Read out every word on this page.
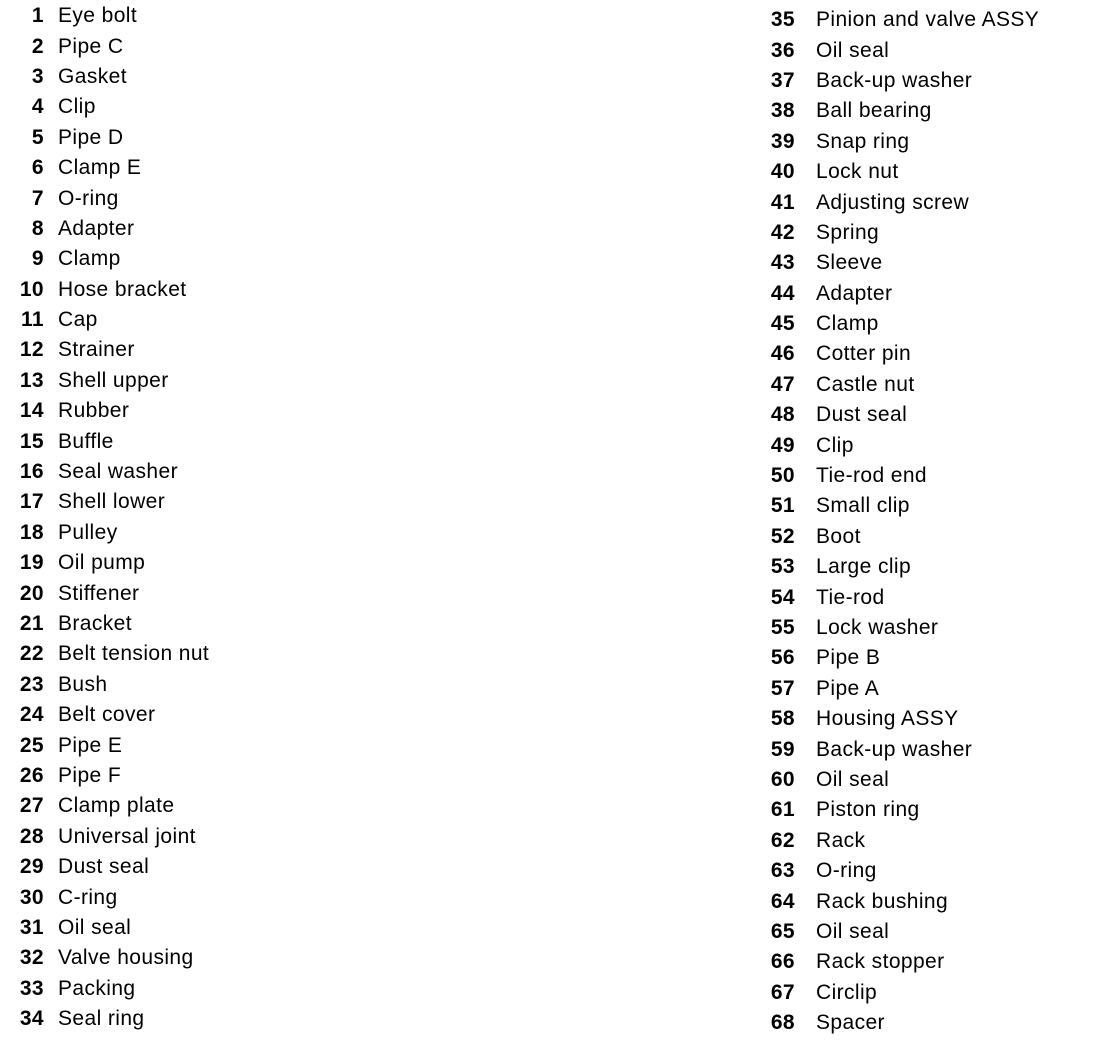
1 Eye bolt
2 Pipe C
3 Gasket
4 Clip
5 Pipe D
6 Clamp E
7 O-ring
8 Adapter
9 Clamp
10 Hose bracket
11 Cap
12 Strainer
13 Shell upper
14 Rubber
15 Buffle
16 Seal washer
17 Shell lower
18 Pulley
19 Oil pump
20 Stiffener
21 Bracket
22 Belt tension nut
23 Bush
24 Belt cover
25 Pipe E
26 Pipe F
27 Clamp plate
28 Universal joint
29 Dust seal
30 C-ring
31 Oil seal
32 Valve housing
33 Packing
34 Seal ring
35	Pinion and valve ASSY
36	Oil seal
37	Back-up washer
38	Ball bearing
39	Snap ring
40	Lock nut
41	Adjusting screw
42	Spring
43	Sleeve
44	Adapter
45	Clamp
46	Cotter pin
47	Castle nut
48	Dust seal
49	Clip
50	Tie-rod end
51	Small clip
52	Boot
53	Large clip
54	Tie-rod
55	Lock washer
56	Pipe B
57	Pipe A
58	Housing ASSY
59	Back-up washer
60	Oil seal
61	Piston ring
62	Rack
63	O-ring
64	Rack bushing
65	Oil seal
66	Rack stopper
67	Circlip
68	Spacer
